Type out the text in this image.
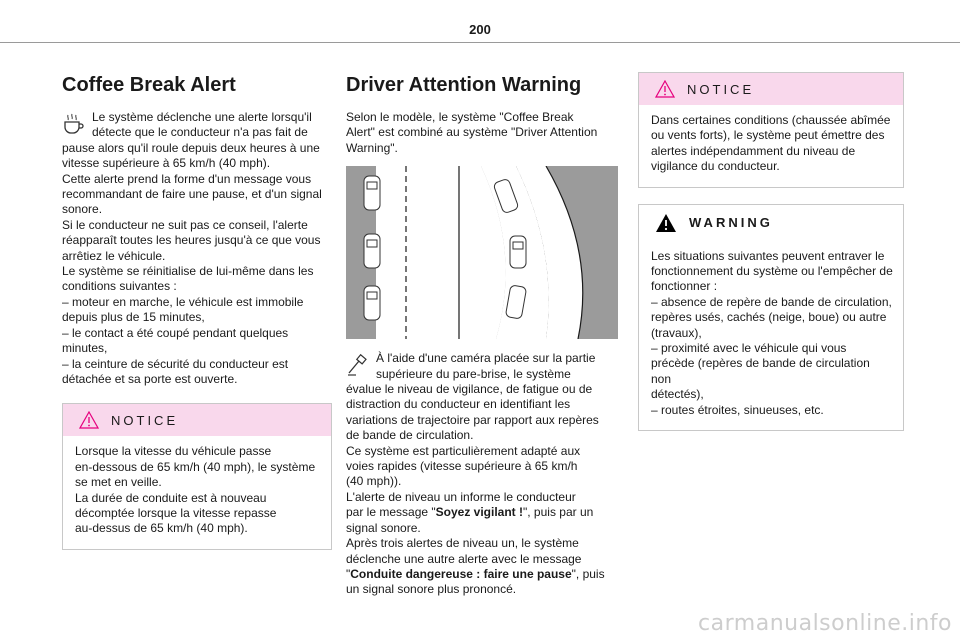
200
Coffee Break Alert
Le système déclenche une alerte lorsqu'il
détecte que le conducteur n'a pas fait de
pause alors qu'il roule depuis deux heures à une
vitesse supérieure à 65 km/h (40 mph).
Cette alerte prend la forme d'un message vous
recommandant de faire une pause, et d'un signal
sonore.
Si le conducteur ne suit pas ce conseil, l'alerte
réapparaît toutes les heures jusqu'à ce que vous
arrêtiez le véhicule.
Le système se réinitialise de lui-même dans les
conditions suivantes :
– moteur en marche, le véhicule est immobile
depuis plus de 15 minutes,
– le contact a été coupé pendant quelques
minutes,
– la ceinture de sécurité du conducteur est
détachée et sa porte est ouverte.
NOTICE
Lorsque la vitesse du véhicule passe
en-dessous de 65 km/h (40 mph), le système
se met en veille.
La durée de conduite est à nouveau
décomptée lorsque la vitesse repasse
au-dessus de 65 km/h (40 mph).
Driver Attention Warning
Selon le modèle, le système "Coffee Break
Alert" est combiné au système "Driver Attention
Warning".
À l'aide d'une caméra placée sur la partie
supérieure du pare-brise, le système
évalue le niveau de vigilance, de fatigue ou de
distraction du conducteur en identifiant les
variations de trajectoire par rapport aux repères
de bande de circulation.
Ce système est particulièrement adapté aux
voies rapides (vitesse supérieure à 65 km/h
(40 mph)).
L'alerte de niveau un informe le conducteur
par le message "Soyez vigilant !", puis par un
signal sonore.
Après trois alertes de niveau un, le système
déclenche une autre alerte avec le message
"Conduite dangereuse : faire une pause", puis
un signal sonore plus prononcé.
NOTICE
Dans certaines conditions (chaussée abîmée
ou vents forts), le système peut émettre des
alertes indépendamment du niveau de
vigilance du conducteur.
WARNING
Les situations suivantes peuvent entraver le
fonctionnement du système ou l'empêcher de
fonctionner :
– absence de repère de bande de circulation,
repères usés, cachés (neige, boue) ou autre
(travaux),
– proximité avec le véhicule qui vous
précède (repères de bande de circulation non
détectés),
– routes étroites, sinueuses, etc.
carmanualsonline.info
